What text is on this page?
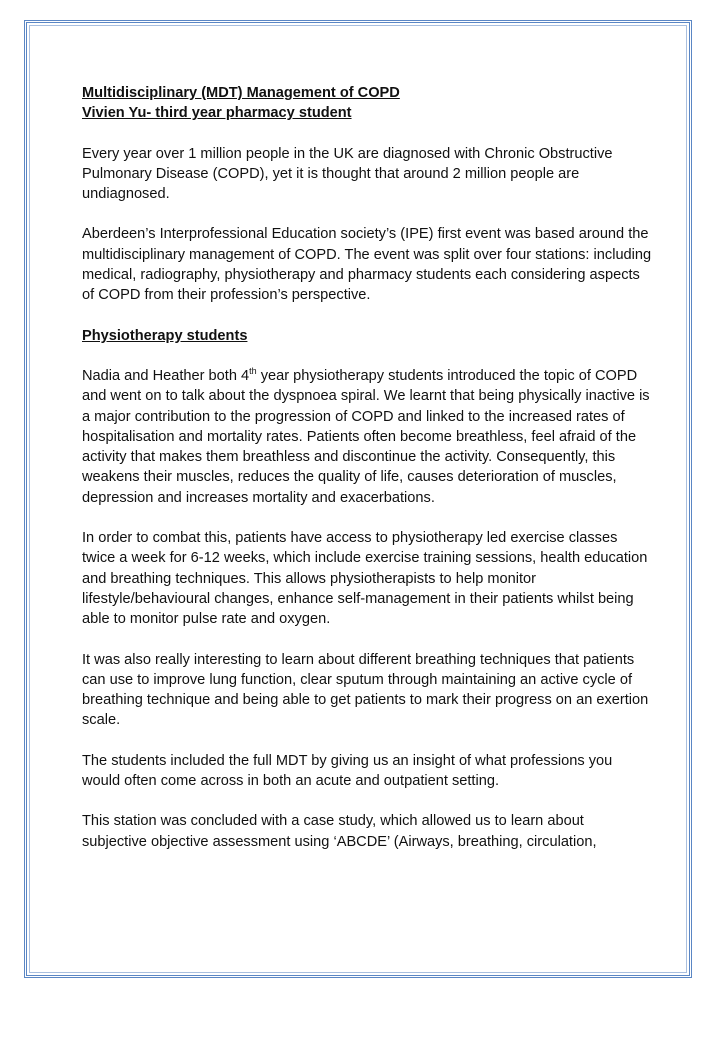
Multidisciplinary (MDT) Management of COPD

Vivien Yu- third year pharmacy student

Every year over 1 million people in the UK are diagnosed with Chronic Obstructive Pulmonary Disease (COPD), yet it is thought that around 2 million people are undiagnosed.

Aberdeen’s Interprofessional Education society’s (IPE) first event was based around the multidisciplinary management of COPD. The event was split over four stations: including medical, radiography, physiotherapy and pharmacy students each considering aspects of COPD from their profession’s perspective.

Physiotherapy students

Nadia and Heather both 4th year physiotherapy students introduced the topic of COPD and went on to talk about the dyspnoea spiral. We learnt that being physically inactive is a major contribution to the progression of COPD and linked to the increased rates of hospitalisation and mortality rates. Patients often become breathless, feel afraid of the activity that makes them breathless and discontinue the activity. Consequently, this weakens their muscles, reduces the quality of life, causes deterioration of muscles, depression and increases mortality and exacerbations.

In order to combat this, patients have access to physiotherapy led exercise classes twice a week for 6-12 weeks, which include exercise training sessions, health education and breathing techniques. This allows physiotherapists to help monitor lifestyle/behavioural changes, enhance self-management in their patients whilst being able to monitor pulse rate and oxygen.

It was also really interesting to learn about different breathing techniques that patients can use to improve lung function, clear sputum through maintaining an active cycle of breathing technique and being able to get patients to mark their progress on an exertion scale.

The students included the full MDT by giving us an insight of what professions you would often come across in both an acute and outpatient setting.

This station was concluded with a case study, which allowed us to learn about subjective objective assessment using ‘ABCDE’ (Airways, breathing, circulation,
